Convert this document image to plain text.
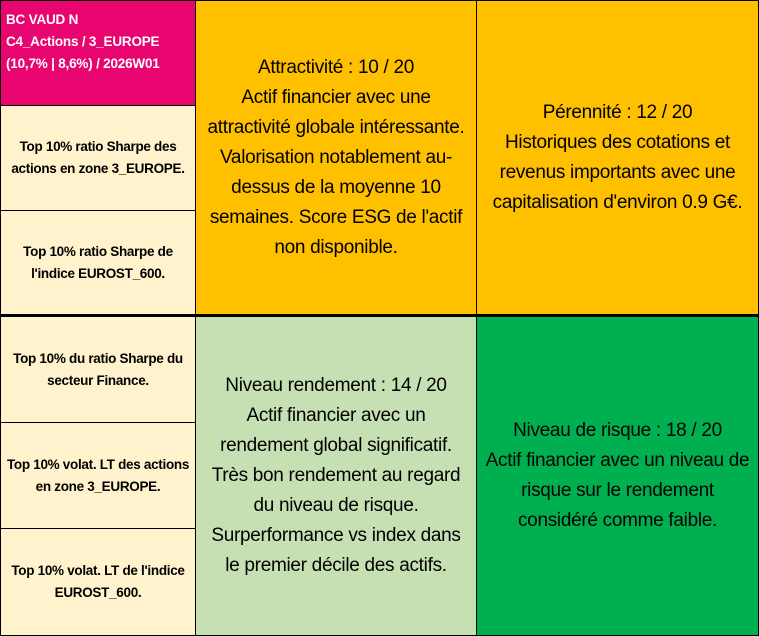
BC VAUD N
C4_Actions / 3_EUROPE
(10,7% | 8,6%) / 2026W01
Top 10% ratio Sharpe des actions en zone 3_EUROPE.
Top 10% ratio Sharpe de l'indice EUROST_600.
Top 10% du ratio Sharpe du secteur Finance.
Top 10% volat. LT des actions en zone 3_EUROPE.
Top 10% volat. LT de l'indice EUROST_600.

Attractivité : 10 / 20

Actif financier avec une attractivité globale intéressante. Valorisation notablement au-dessus de la moyenne 10 semaines. Score ESG de l'actif non disponible.

Pérennité : 12 / 20

Historiques des cotations et revenus importants avec une capitalisation d'environ 0.9 G€.

Niveau rendement : 14 / 20

Actif financier avec un rendement global significatif. Très bon rendement au regard du niveau de risque. Surperformance vs index dans le premier décile des actifs.

Niveau de risque : 18 / 20

Actif financier avec un niveau de risque sur le rendement considéré comme faible.
